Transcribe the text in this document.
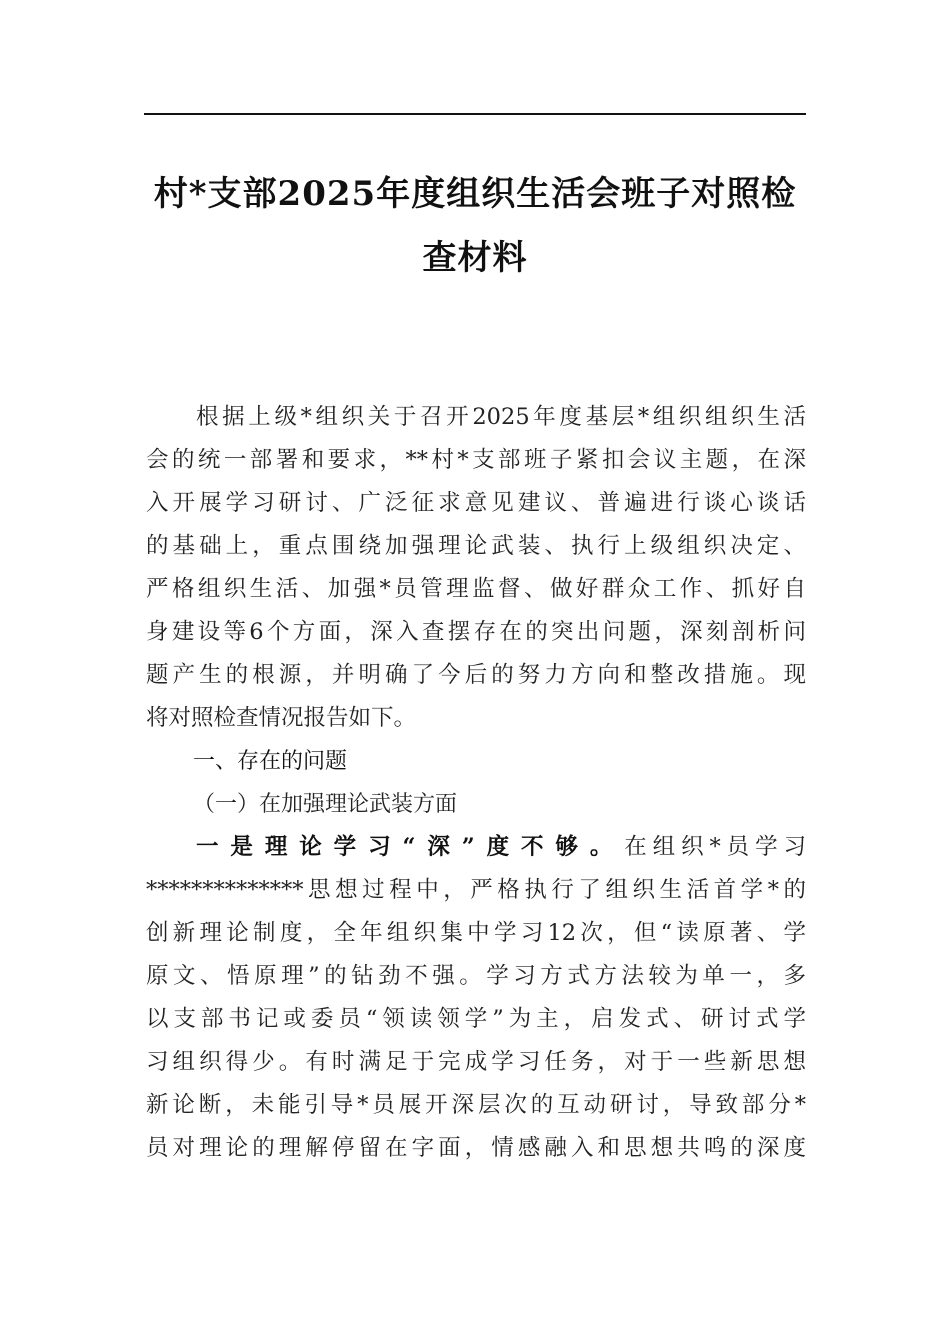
村*支部2025年度组织生活会班子对照检
查材料

根据上级*组织关于召开2025年度基层*组织组织生活
会的统一部署和要求，**村*支部班子紧扣会议主题，在深
入开展学习研讨、广泛征求意见建议、普遍进行谈心谈话
的基础上，重点围绕加强理论武装、执行上级组织决定、
严格组织生活、加强*员管理监督、做好群众工作、抓好自
身建设等6个方面，深入查摆存在的突出问题，深刻剖析问
题产生的根源，并明确了今后的努力方向和整改措施。现
将对照检查情况报告如下。

一、存在的问题

（一）在加强理论武装方面

一是理论学习“深”度不够。在组织*员学习
**************思想过程中，严格执行了组织生活首学*的
创新理论制度，全年组织集中学习12次，但“读原著、学
原文、悟原理”的钻劲不强。学习方式方法较为单一，多
以支部书记或委员“领读领学”为主，启发式、研讨式学
习组织得少。有时满足于完成学习任务，对于一些新思想
新论断，未能引导*员展开深层次的互动研讨，导致部分*
员对理论的理解停留在字面，情感融入和思想共鸣的深度
